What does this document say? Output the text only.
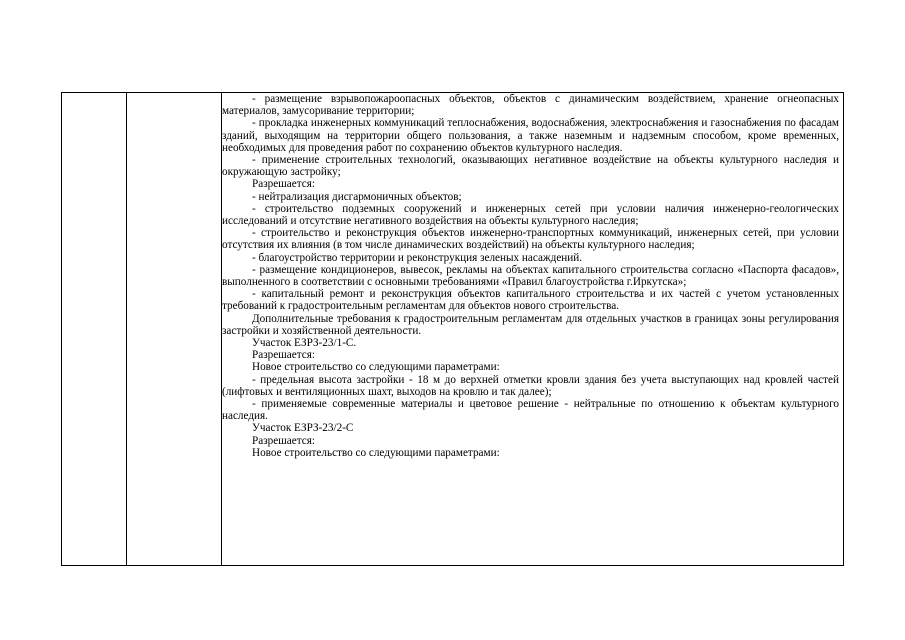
- размещение взрывопожароопасных объектов, объектов с динамическим воздействием, хранение огнеопасных материалов, замусоривание территории;

- прокладка инженерных коммуникаций теплоснабжения, водоснабжения, электроснабжения и газоснабжения по фасадам зданий, выходящим на территории общего пользования, а также наземным и надземным способом, кроме временных, необходимых для проведения работ по сохранению объектов культурного наследия.

- применение строительных технологий, оказывающих негативное воздействие на объекты культурного наследия и окружающую застройку;

Разрешается:

- нейтрализация дисгармоничных объектов;

- строительство подземных сооружений и инженерных сетей при условии наличия инженерно-геологических исследований и отсутствие негативного воздействия на объекты культурного наследия;

- строительство и реконструкция объектов инженерно-транспортных коммуникаций, инженерных сетей, при условии отсутствия их влияния (в том числе динамических воздействий) на объекты культурного наследия;

- благоустройство территории и реконструкция зеленых насаждений.

- размещение кондиционеров, вывесок, рекламы на объектах капитального строительства согласно «Паспорта фасадов», выполненного в соответствии с основными требованиями «Правил благоустройства г.Иркутска»;

- капитальный ремонт и реконструкция объектов капитального строительства и их частей с учетом установленных требований к градостроительным регламентам для объектов нового строительства.

Дополнительные требования к градостроительным регламентам для отдельных участков в границах зоны регулирования застройки и хозяйственной деятельности.

Участок ЕЗРЗ-23/1-С.

Разрешается:

Новое строительство со следующими параметрами:

- предельная высота застройки - 18 м до верхней отметки кровли здания без учета выступающих над кровлей частей (лифтовых и вентиляционных шахт, выходов на кровлю и так далее);

- применяемые современные материалы и цветовое решение - нейтральные по отношению к объектам культурного наследия.

Участок ЕЗРЗ-23/2-С

Разрешается:

Новое строительство со следующими параметрами:
